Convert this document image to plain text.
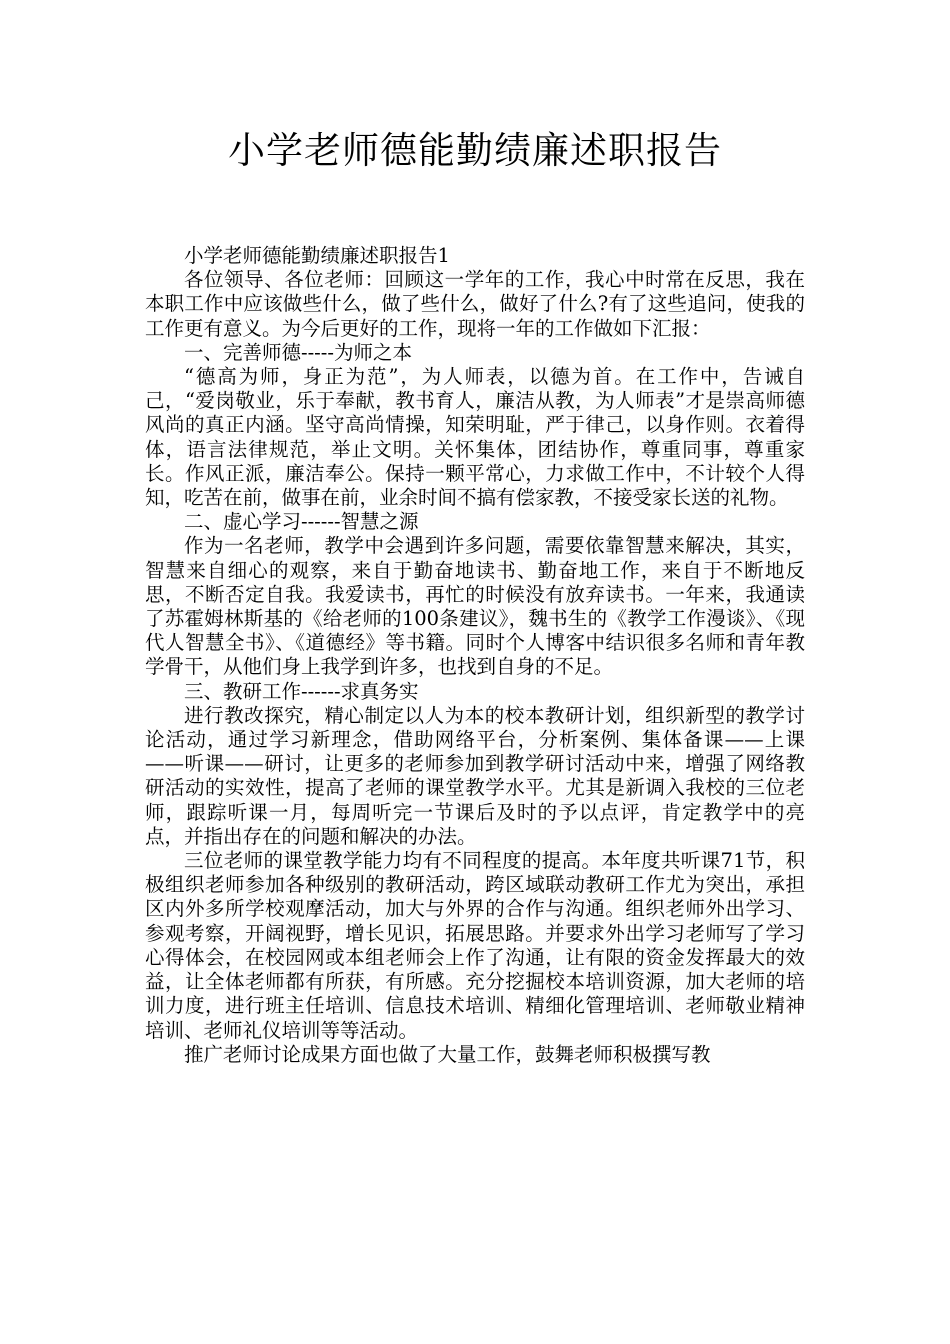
小学老师德能勤绩廉述职报告

小学老师德能勤绩廉述职报告1

各位领导、各位老师：回顾这一学年的工作，我心中时常在反思，我在本职工作中应该做些什么，做了些什么，做好了什么?有了这些追问，使我的工作更有意义。为今后更好的工作，现将一年的工作做如下汇报：

一、完善师德-----为师之本

“德高为师，身正为范”，为人师表，以德为首。在工作中，告诫自己，“爱岗敬业，乐于奉献，教书育人，廉洁从教，为人师表”才是崇高师德风尚的真正内涵。坚守高尚情操，知荣明耻，严于律己，以身作则。衣着得体，语言法律规范，举止文明。关怀集体，团结协作，尊重同事，尊重家长。作风正派，廉洁奉公。保持一颗平常心，力求做工作中，不计较个人得知，吃苦在前，做事在前，业余时间不搞有偿家教，不接受家长送的礼物。

二、虚心学习------智慧之源

作为一名老师，教学中会遇到许多问题，需要依靠智慧来解决，其实，智慧来自细心的观察，来自于勤奋地读书、勤奋地工作，来自于不断地反思，不断否定自我。我爱读书，再忙的时候没有放弃读书。一年来，我通读了苏霍姆林斯基的《给老师的100条建议》，魏书生的《教学工作漫谈》、《现代人智慧全书》、《道德经》等书籍。同时个人博客中结识很多名师和青年教学骨干，从他们身上我学到许多，也找到自身的不足。

三、教研工作------求真务实

进行教改探究，精心制定以人为本的校本教研计划，组织新型的教学讨论活动，通过学习新理念，借助网络平台，分析案例、集体备课——上课——听课——研讨，让更多的老师参加到教学研讨活动中来，增强了网络教研活动的实效性，提高了老师的课堂教学水平。尤其是新调入我校的三位老师，跟踪听课一月，每周听完一节课后及时的予以点评，肯定教学中的亮点，并指出存在的问题和解决的办法。

三位老师的课堂教学能力均有不同程度的提高。本年度共听课71节，积极组织老师参加各种级别的教研活动，跨区域联动教研工作尤为突出，承担区内外多所学校观摩活动，加大与外界的合作与沟通。组织老师外出学习、参观考察，开阔视野，增长见识，拓展思路。并要求外出学习老师写了学习心得体会，在校园网或本组老师会上作了沟通，让有限的资金发挥最大的效益，让全体老师都有所获，有所感。充分挖掘校本培训资源，加大老师的培训力度，进行班主任培训、信息技术培训、精细化管理培训、老师敬业精神培训、老师礼仪培训等等活动。

推广老师讨论成果方面也做了大量工作，鼓舞老师积极撰写教
